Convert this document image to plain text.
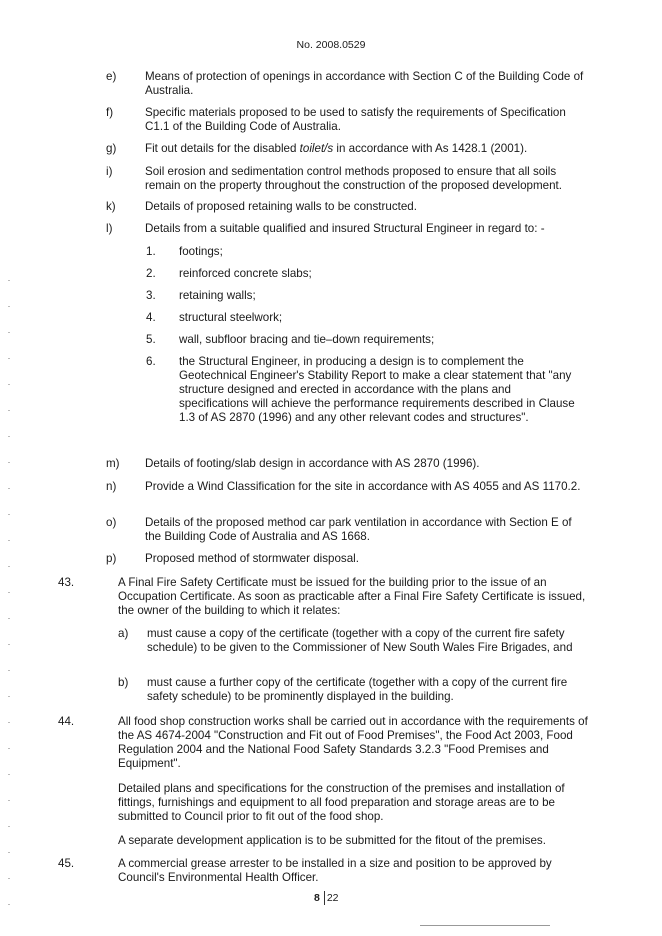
No. 2008.0529
e) Means of protection of openings in accordance with Section C of the Building Code of Australia.
f)	Specific materials proposed to be used to satisfy the requirements of Specification C1.1 of the Building Code of Australia.
g) Fit out details for the disabled toilet/s in accordance with As 1428.1 (2001).
i)	Soil erosion and sedimentation control methods proposed to ensure that all soils remain on the property throughout the construction of the proposed development.
k)	Details of proposed retaining walls to be constructed.
l)	Details from a suitable qualified and insured Structural Engineer in regard to: -
1. footings;
2. reinforced concrete slabs;
3. retaining walls;
4. structural steelwork;
5. wall, subfloor bracing and tie–down requirements;
6. the Structural Engineer, in producing a design is to complement the Geotechnical Engineer's Stability Report to make a clear statement that "any structure designed and erected in accordance with the plans and specifications will achieve the performance requirements described in Clause 1.3 of AS 2870 (1996) and any other relevant codes and structures".
m) Details of footing/slab design in accordance with AS 2870 (1996).
n) Provide a Wind Classification for the site in accordance with AS 4055 and AS 1170.2.
o) Details of the proposed method car park ventilation in accordance with Section E of the Building Code of Australia and AS 1668.
p) Proposed method of stormwater disposal.
43.	A Final Fire Safety Certificate must be issued for the building prior to the issue of an Occupation Certificate. As soon as practicable after a Final Fire Safety Certificate is issued, the owner of the building to which it relates:
a) must cause a copy of the certificate (together with a copy of the current fire safety schedule) to be given to the Commissioner of New South Wales Fire Brigades, and
b) must cause a further copy of the certificate (together with a copy of the current fire safety schedule) to be prominently displayed in the building.
44.	All food shop construction works shall be carried out in accordance with the requirements of the AS 4674-2004 "Construction and Fit out of Food Premises", the Food Act 2003, Food Regulation 2004 and the National Food Safety Standards 3.2.3 "Food Premises and Equipment".
Detailed plans and specifications for the construction of the premises and installation of fittings, furnishings and equipment to all food preparation and storage areas are to be submitted to Council prior to fit out of the food shop.
A separate development application is to be submitted for the fitout of the premises.
45.	A commercial grease arrester to be installed in a size and position to be approved by Council's Environmental Health Officer.
8 22
